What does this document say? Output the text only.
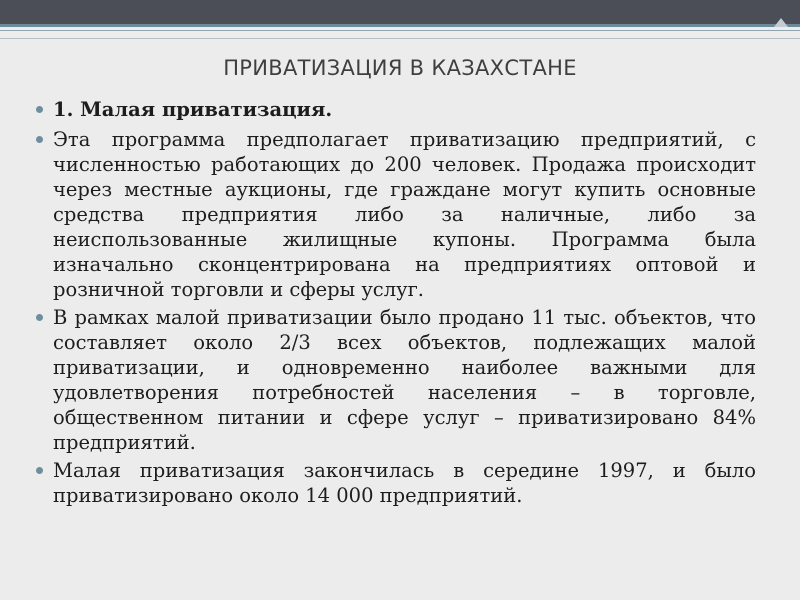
ПРИВАТИЗАЦИЯ В КАЗАХСТАНЕ
1. Малая приватизация.
Эта программа предполагает приватизацию предприятий, с численностью работающих до 200 человек. Продажа происходит через местные аукционы, где граждане могут купить основные средства предприятия либо за наличные, либо за неиспользованные жилищные купоны. Программа была изначально сконцентрирована на предприятиях оптовой и розничной торговли и сферы услуг.
В рамках малой приватизации было продано 11 тыс. объектов, что составляет около 2/3 всех объектов, подлежащих малой приватизации, и одновременно наиболее важными для удовлетворения потребностей населения – в торговле, общественном питании и сфере услуг – приватизировано 84% предприятий.
Малая приватизация закончилась в середине 1997, и было приватизировано около 14 000 предприятий.
